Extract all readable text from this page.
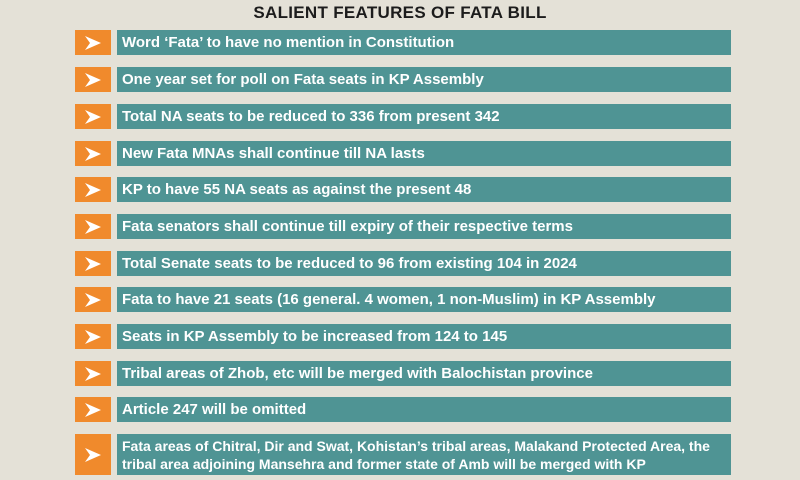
SALIENT FEATURES OF FATA BILL
Word ‘Fata’ to have no mention in Constitution
One year set for poll on Fata seats in KP Assembly
Total NA seats to be reduced to 336 from present 342
New Fata MNAs shall continue till NA lasts
KP to have 55 NA seats as against the present 48
Fata senators shall continue till expiry of their respective terms
Total Senate seats to be reduced to 96 from existing 104 in 2024
Fata to have 21 seats (16 general. 4 women, 1 non-Muslim) in KP Assembly
Seats in KP Assembly to be increased from 124 to 145
Tribal areas of Zhob, etc will be merged with Balochistan province
Article 247 will be omitted
Fata areas of Chitral, Dir and Swat, Kohistan’s tribal areas, Malakand Protected Area, the tribal area adjoining Mansehra and former state of Amb will be merged with KP
